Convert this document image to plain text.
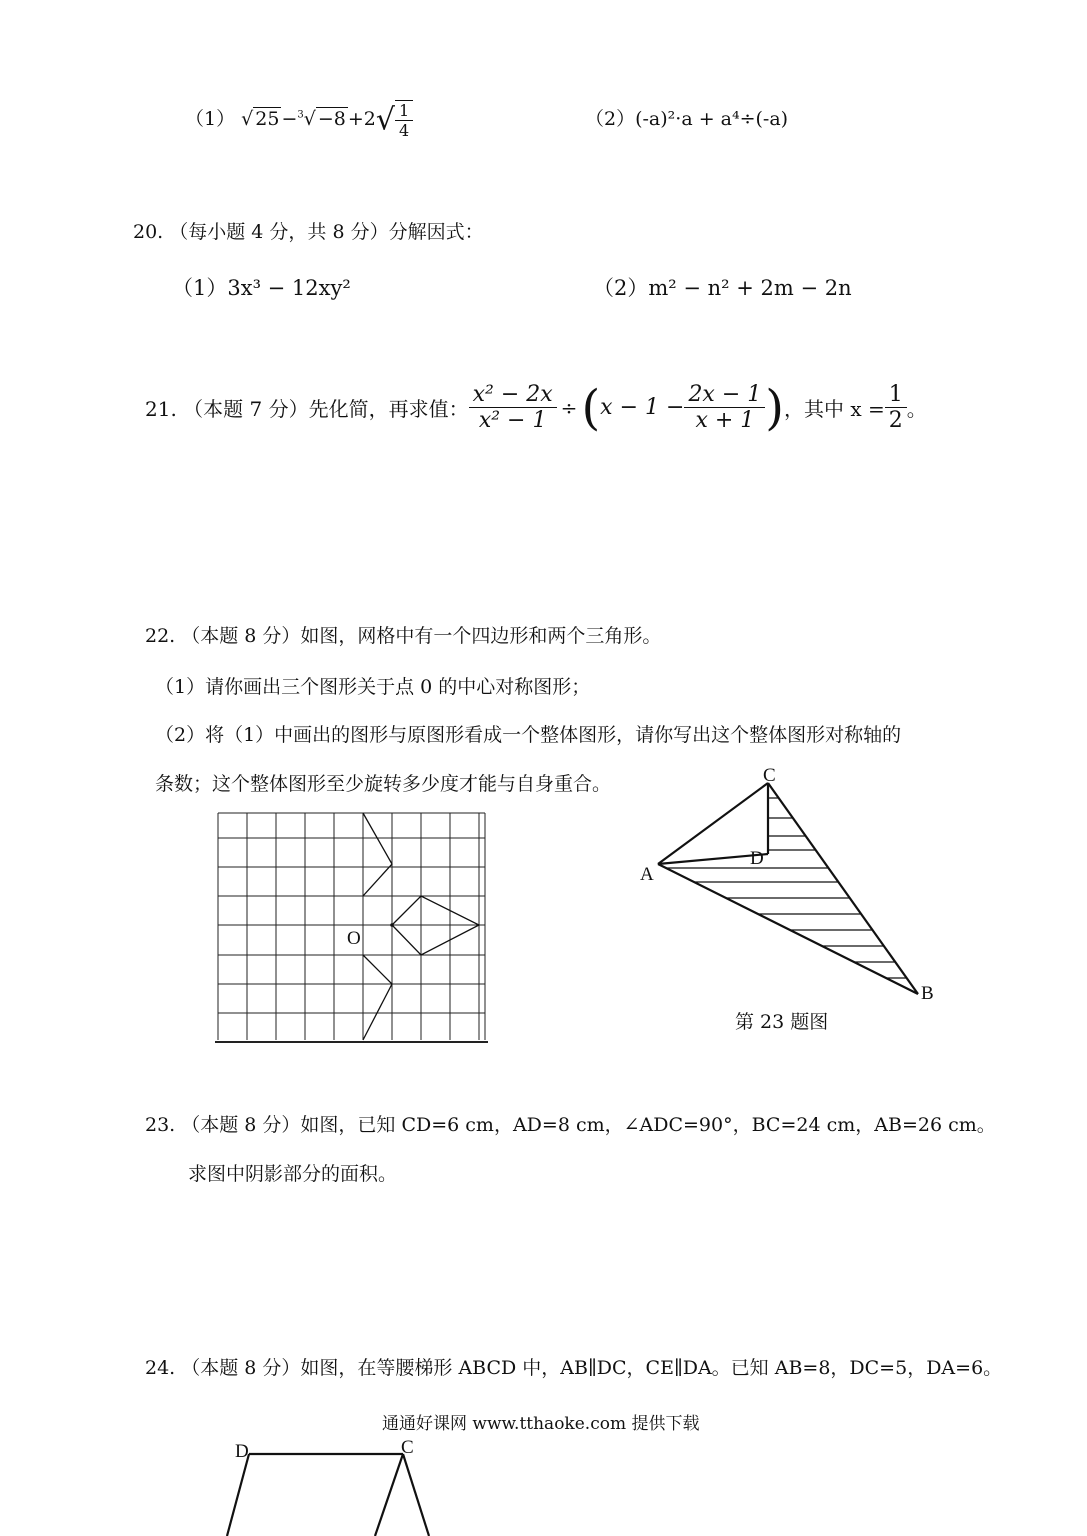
（1） √ $25 -^3√ -8 +2√ \frac{1}{4}$	（2）(-a)²·a + a⁴÷(-a)
20. （每小题 4 分，共 8 分）分解因式：
（1）3x³ − 12xy²	（2）m² − n² + 2m − 2n
21. （本题 7 分）先化简，再求值： $\frac{\text{x² − 2x}}{\text{x² − 1}}$ ÷ ( $x - 1 - \frac{2x - 1}{x + 1}$ ) ，其中 $x = \frac{1}{2}$ 。
22. （本题 8 分）如图，网格中有一个四边形和两个三角形。
（1）请你画出三个图形关于点 0 的中心对称图形；
（2）将（1）中画出的图形与原图形看成一个整体图形，请你写出这个整体图形对称轴的
条数；这个整体图形至少旋转多少度才能与自身重合。
O
C
D
A
B
第 23 题图
23. （本题 8 分）如图，已知 CD=6 cm，AD=8 cm，∠ADC=90°，BC=24 cm，AB=26 cm。
求图中阴影部分的面积。
24. （本题 8 分）如图，在等腰梯形 ABCD 中，AB∥DC，CE∥DA。已知 AB=8，DC=5，DA=6。
通通好课网 www.tthaoke.com 提供下载
D	C
